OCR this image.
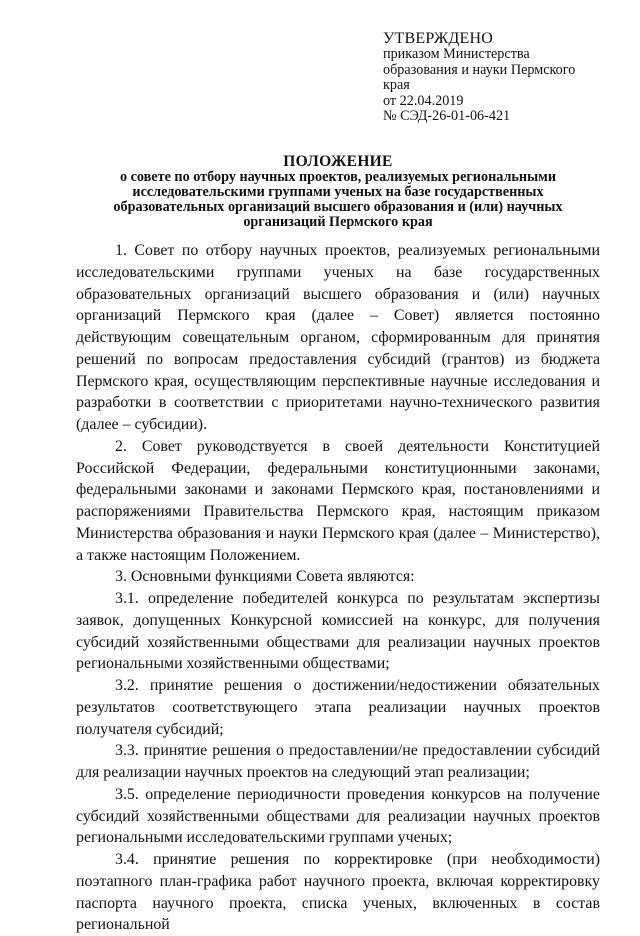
УТВЕРЖДЕНО
приказом Министерства
образования и науки Пермского
края
от 22.04.2019
№ СЭД-26-01-06-421
ПОЛОЖЕНИЕ
о совете по отбору научных проектов, реализуемых региональными исследовательскими группами ученых на базе государственных образовательных организаций высшего образования и (или) научных организаций Пермского края

1. Совет по отбору научных проектов, реализуемых региональными исследовательскими группами ученых на базе государственных образовательных организаций высшего образования и (или) научных организаций Пермского края (далее – Совет) является постоянно действующим совещательным органом, сформированным для принятия решений по вопросам предоставления субсидий (грантов) из бюджета Пермского края, осуществляющим перспективные научные исследования и разработки в соответствии с приоритетами научно-технического развития (далее – субсидии).

2. Совет руководствуется в своей деятельности Конституцией Российской Федерации, федеральными конституционными законами, федеральными законами и законами Пермского края, постановлениями и распоряжениями Правительства Пермского края, настоящим приказом Министерства образования и науки Пермского края (далее – Министерство), а также настоящим Положением.

3. Основными функциями Совета являются:

3.1. определение победителей конкурса по результатам экспертизы заявок, допущенных Конкурсной комиссией на конкурс, для получения субсидий хозяйственными обществами для реализации научных проектов региональными хозяйственными обществами;

3.2. принятие решения о достижении/недостижении обязательных результатов соответствующего этапа реализации научных проектов получателя субсидий;

3.3. принятие решения о предоставлении/не предоставлении субсидий для реализации научных проектов на следующий этап реализации;

3.5. определение периодичности проведения конкурсов на получение субсидий хозяйственными обществами для реализации научных проектов региональными исследовательскими группами ученых;

3.4. принятие решения по корректировке (при необходимости) поэтапного план-графика работ научного проекта, включая корректировку паспорта научного проекта, списка ученых, включенных в состав региональной
